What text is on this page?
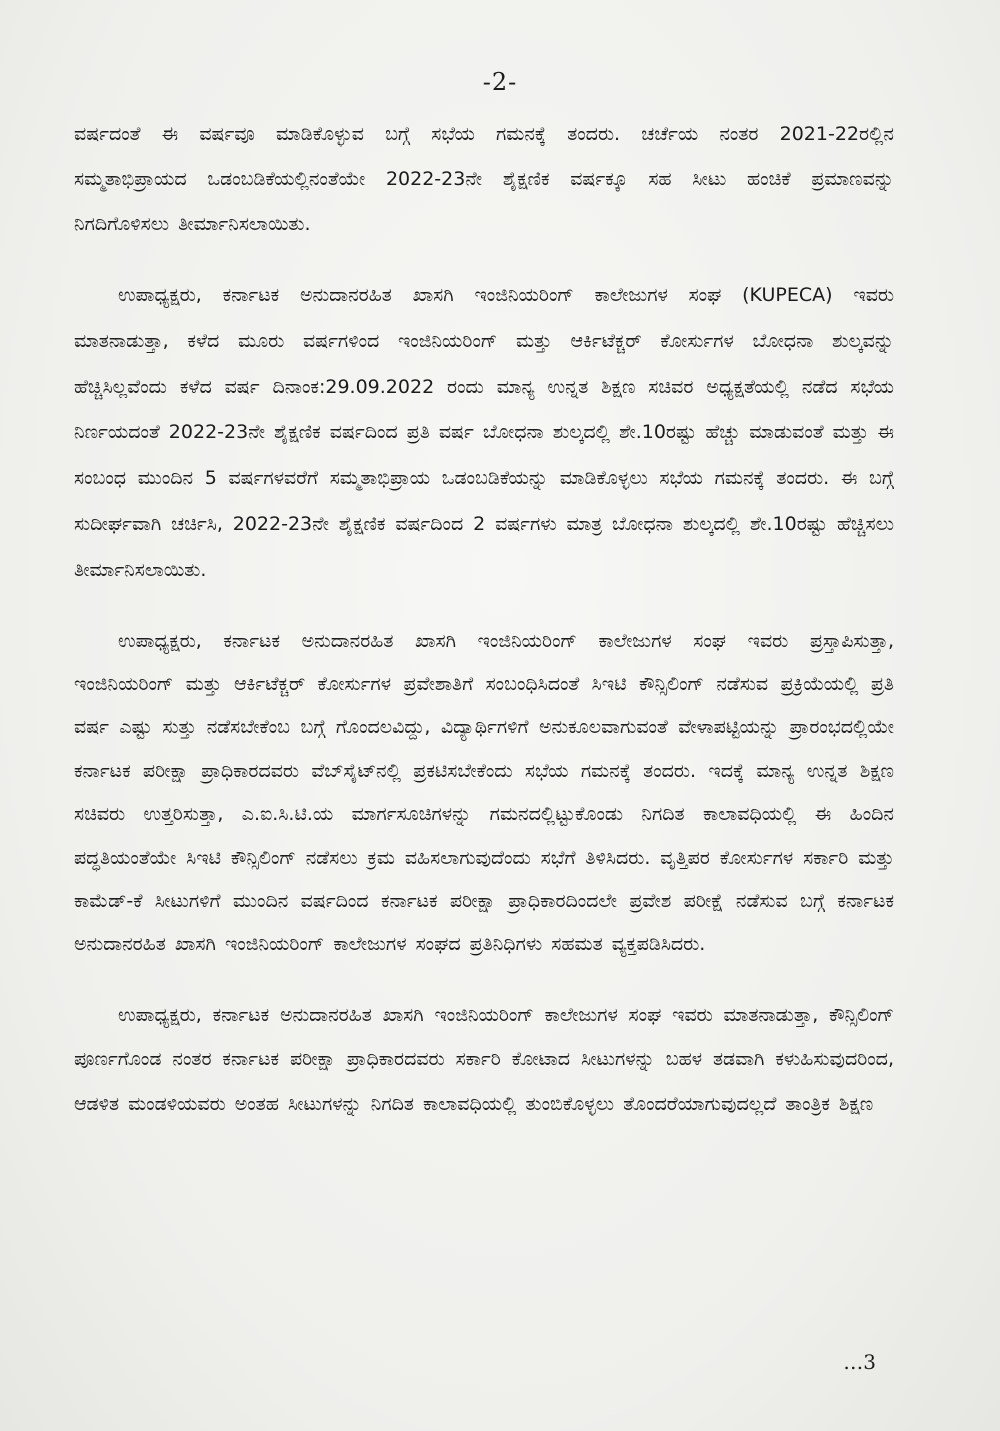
-2-

ವರ್ಷದಂತೆ ಈ ವರ್ಷವೂ ಮಾಡಿಕೊಳ್ಳುವ ಬಗ್ಗೆ ಸಭೆಯ ಗಮನಕ್ಕೆ ತಂದರು. ಚರ್ಚೆಯ ನಂತರ 2021-22ರಲ್ಲಿನ ಸಮ್ಮತಾಭಿಪ್ರಾಯದ ಒಡಂಬಡಿಕೆಯಲ್ಲಿನಂತೆಯೇ 2022-23ನೇ ಶೈಕ್ಷಣಿಕ ವರ್ಷಕ್ಕೂ ಸಹ ಸೀಟು ಹಂಚಿಕೆ ಪ್ರಮಾಣವನ್ನು ನಿಗದಿಗೊಳಿಸಲು ತೀರ್ಮಾನಿಸಲಾಯಿತು.

ಉಪಾಧ್ಯಕ್ಷರು, ಕರ್ನಾಟಕ ಅನುದಾನರಹಿತ ಖಾಸಗಿ ಇಂಜಿನಿಯರಿಂಗ್ ಕಾಲೇಜುಗಳ ಸಂಘ (KUPECA) ಇವರು ಮಾತನಾಡುತ್ತಾ, ಕಳೆದ ಮೂರು ವರ್ಷಗಳಿಂದ ಇಂಜಿನಿಯರಿಂಗ್ ಮತ್ತು ಆರ್ಕಿಟೆಕ್ಚರ್ ಕೋರ್ಸುಗಳ ಬೋಧನಾ ಶುಲ್ಕವನ್ನು ಹೆಚ್ಚಿಸಿಲ್ಲವೆಂದು ಕಳೆದ ವರ್ಷ ದಿನಾಂಕ:29.09.2022 ರಂದು ಮಾನ್ಯ ಉನ್ನತ ಶಿಕ್ಷಣ ಸಚಿವರ ಅಧ್ಯಕ್ಷತೆಯಲ್ಲಿ ನಡೆದ ಸಭೆಯ ನಿರ್ಣಯದಂತೆ 2022-23ನೇ ಶೈಕ್ಷಣಿಕ ವರ್ಷದಿಂದ ಪ್ರತಿ ವರ್ಷ ಬೋಧನಾ ಶುಲ್ಕದಲ್ಲಿ ಶೇ.10ರಷ್ಟು ಹೆಚ್ಚು ಮಾಡುವಂತೆ ಮತ್ತು ಈ ಸಂಬಂಧ ಮುಂದಿನ 5 ವರ್ಷಗಳವರೆಗೆ ಸಮ್ಮತಾಭಿಪ್ರಾಯ ಒಡಂಬಡಿಕೆಯನ್ನು ಮಾಡಿಕೊಳ್ಳಲು ಸಭೆಯ ಗಮನಕ್ಕೆ ತಂದರು. ಈ ಬಗ್ಗೆ ಸುದೀರ್ಘವಾಗಿ ಚರ್ಚಿಸಿ, 2022-23ನೇ ಶೈಕ್ಷಣಿಕ ವರ್ಷದಿಂದ 2 ವರ್ಷಗಳು ಮಾತ್ರ ಬೋಧನಾ ಶುಲ್ಕದಲ್ಲಿ ಶೇ.10ರಷ್ಟು ಹೆಚ್ಚಿಸಲು ತೀರ್ಮಾನಿಸಲಾಯಿತು.

ಉಪಾಧ್ಯಕ್ಷರು, ಕರ್ನಾಟಕ ಅನುದಾನರಹಿತ ಖಾಸಗಿ ಇಂಜಿನಿಯರಿಂಗ್ ಕಾಲೇಜುಗಳ ಸಂಘ ಇವರು ಪ್ರಸ್ತಾಪಿಸುತ್ತಾ, ಇಂಜಿನಿಯರಿಂಗ್ ಮತ್ತು ಆರ್ಕಿಟೆಕ್ಚರ್ ಕೋರ್ಸುಗಳ ಪ್ರವೇಶಾತಿಗೆ ಸಂಬಂಧಿಸಿದಂತೆ ಸಿಇಟಿ ಕೌನ್ಸಿಲಿಂಗ್ ನಡೆಸುವ ಪ್ರಕ್ರಿಯೆಯಲ್ಲಿ ಪ್ರತಿ ವರ್ಷ ಎಷ್ಟು ಸುತ್ತು ನಡೆಸಬೇಕೆಂಬ ಬಗ್ಗೆ ಗೊಂದಲವಿದ್ದು, ವಿದ್ಯಾರ್ಥಿಗಳಿಗೆ ಅನುಕೂಲವಾಗುವಂತೆ ವೇಳಾಪಟ್ಟಿಯನ್ನು ಪ್ರಾರಂಭದಲ್ಲಿಯೇ ಕರ್ನಾಟಕ ಪರೀಕ್ಷಾ ಪ್ರಾಧಿಕಾರದವರು ವೆಬ್‌ಸೈಟ್‌ನಲ್ಲಿ ಪ್ರಕಟಿಸಬೇಕೆಂದು ಸಭೆಯ ಗಮನಕ್ಕೆ ತಂದರು. ಇದಕ್ಕೆ ಮಾನ್ಯ ಉನ್ನತ ಶಿಕ್ಷಣ ಸಚಿವರು ಉತ್ತರಿಸುತ್ತಾ, ಎ.ಐ.ಸಿ.ಟಿ.ಯ ಮಾರ್ಗಸೂಚಿಗಳನ್ನು ಗಮನದಲ್ಲಿಟ್ಟುಕೊಂಡು ನಿಗದಿತ ಕಾಲಾವಧಿಯಲ್ಲಿ ಈ ಹಿಂದಿನ ಪದ್ಧತಿಯಂತೆಯೇ ಸಿಇಟಿ ಕೌನ್ಸಿಲಿಂಗ್ ನಡೆಸಲು ಕ್ರಮ ವಹಿಸಲಾಗುವುದೆಂದು ಸಭೆಗೆ ತಿಳಿಸಿದರು. ವೃತ್ತಿಪರ ಕೋರ್ಸುಗಳ ಸರ್ಕಾರಿ ಮತ್ತು ಕಾಮೆಡ್-ಕೆ ಸೀಟುಗಳಿಗೆ ಮುಂದಿನ ವರ್ಷದಿಂದ ಕರ್ನಾಟಕ ಪರೀಕ್ಷಾ ಪ್ರಾಧಿಕಾರದಿಂದಲೇ ಪ್ರವೇಶ ಪರೀಕ್ಷೆ ನಡೆಸುವ ಬಗ್ಗೆ ಕರ್ನಾಟಕ ಅನುದಾನರಹಿತ ಖಾಸಗಿ ಇಂಜಿನಿಯರಿಂಗ್ ಕಾಲೇಜುಗಳ ಸಂಘದ ಪ್ರತಿನಿಧಿಗಳು ಸಹಮತ ವ್ಯಕ್ತಪಡಿಸಿದರು.

ಉಪಾಧ್ಯಕ್ಷರು, ಕರ್ನಾಟಕ ಅನುದಾನರಹಿತ ಖಾಸಗಿ ಇಂಜಿನಿಯರಿಂಗ್ ಕಾಲೇಜುಗಳ ಸಂಘ ಇವರು ಮಾತನಾಡುತ್ತಾ, ಕೌನ್ಸಿಲಿಂಗ್ ಪೂರ್ಣಗೊಂಡ ನಂತರ ಕರ್ನಾಟಕ ಪರೀಕ್ಷಾ ಪ್ರಾಧಿಕಾರದವರು ಸರ್ಕಾರಿ ಕೋಟಾದ ಸೀಟುಗಳನ್ನು ಬಹಳ ತಡವಾಗಿ ಕಳುಹಿಸುವುದರಿಂದ, ಆಡಳಿತ ಮಂಡಳಿಯವರು ಅಂತಹ ಸೀಟುಗಳನ್ನು ನಿಗದಿತ ಕಾಲಾವಧಿಯಲ್ಲಿ ತುಂಬಿಕೊಳ್ಳಲು ತೊಂದರೆಯಾಗುವುದಲ್ಲದೆ ತಾಂತ್ರಿಕ ಶಿಕ್ಷಣ

…3
